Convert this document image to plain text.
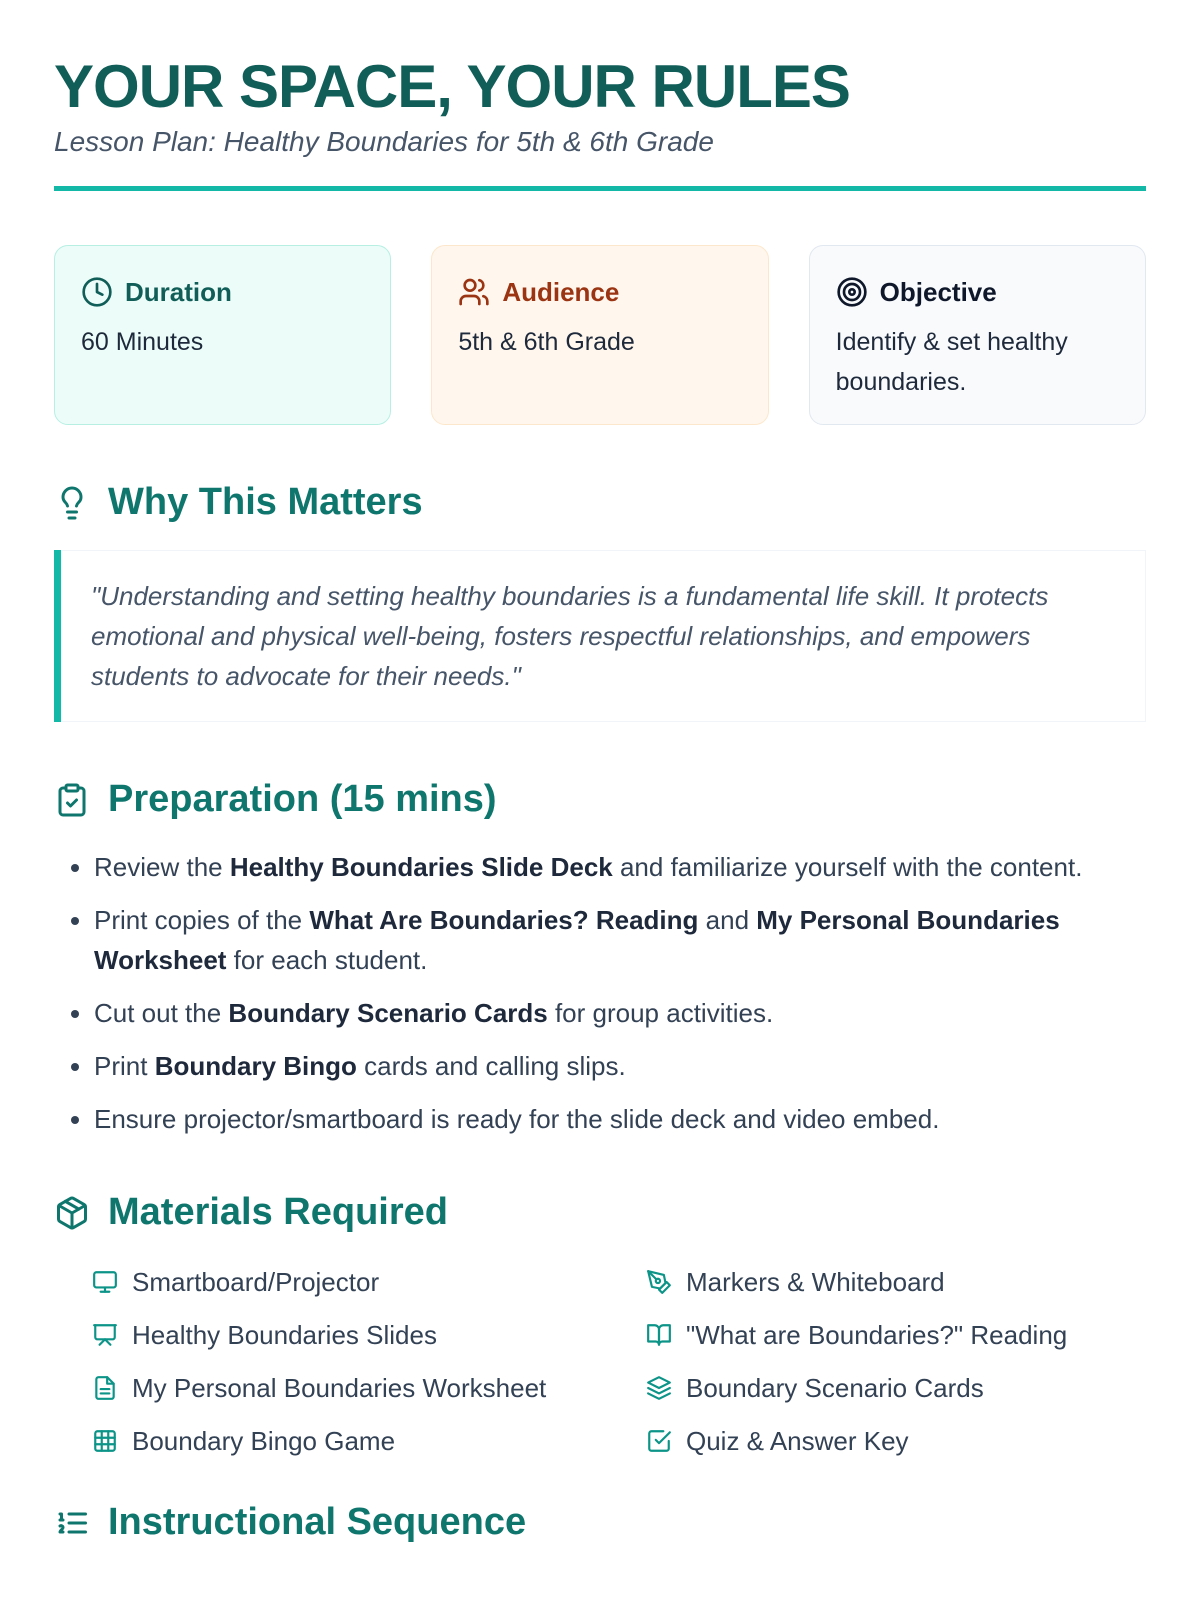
YOUR SPACE, YOUR RULES
Lesson Plan: Healthy Boundaries for 5th & 6th Grade
Duration
60 Minutes
Audience
5th & 6th Grade
Objective
Identify & set healthy boundaries.
Why This Matters
"Understanding and setting healthy boundaries is a fundamental life skill. It protects emotional and physical well-being, fosters respectful relationships, and empowers students to advocate for their needs."
Preparation (15 mins)
• Review the Healthy Boundaries Slide Deck and familiarize yourself with the content.
• Print copies of the What Are Boundaries? Reading and My Personal Boundaries Worksheet for each student.
• Cut out the Boundary Scenario Cards for group activities.
• Print Boundary Bingo cards and calling slips.
• Ensure projector/smartboard is ready for the slide deck and video embed.
Materials Required
Smartboard/Projector	Markers & Whiteboard
Healthy Boundaries Slides	"What are Boundaries?" Reading
My Personal Boundaries Worksheet	Boundary Scenario Cards
Boundary Bingo Game	Quiz & Answer Key
Instructional Sequence
